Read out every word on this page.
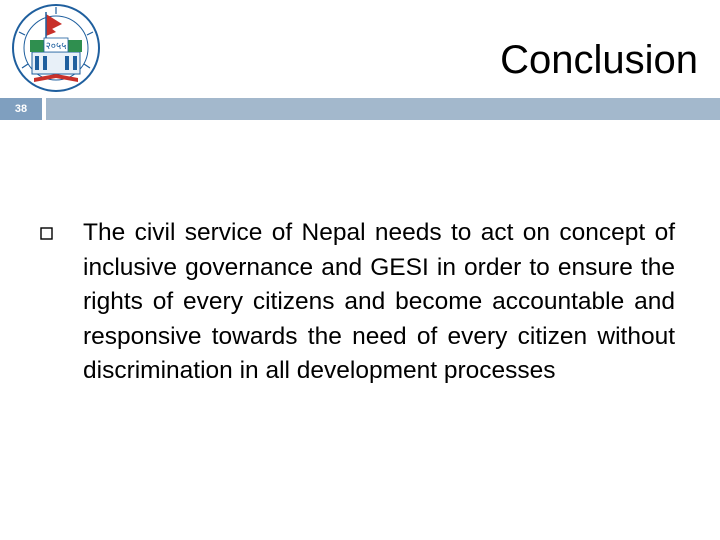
२०५५	Conclusion
38
The civil service of Nepal needs to act on concept of inclusive governance and GESI in order to ensure the rights of every citizens and become accountable and responsive towards the need of every citizen without discrimination in all development processes
